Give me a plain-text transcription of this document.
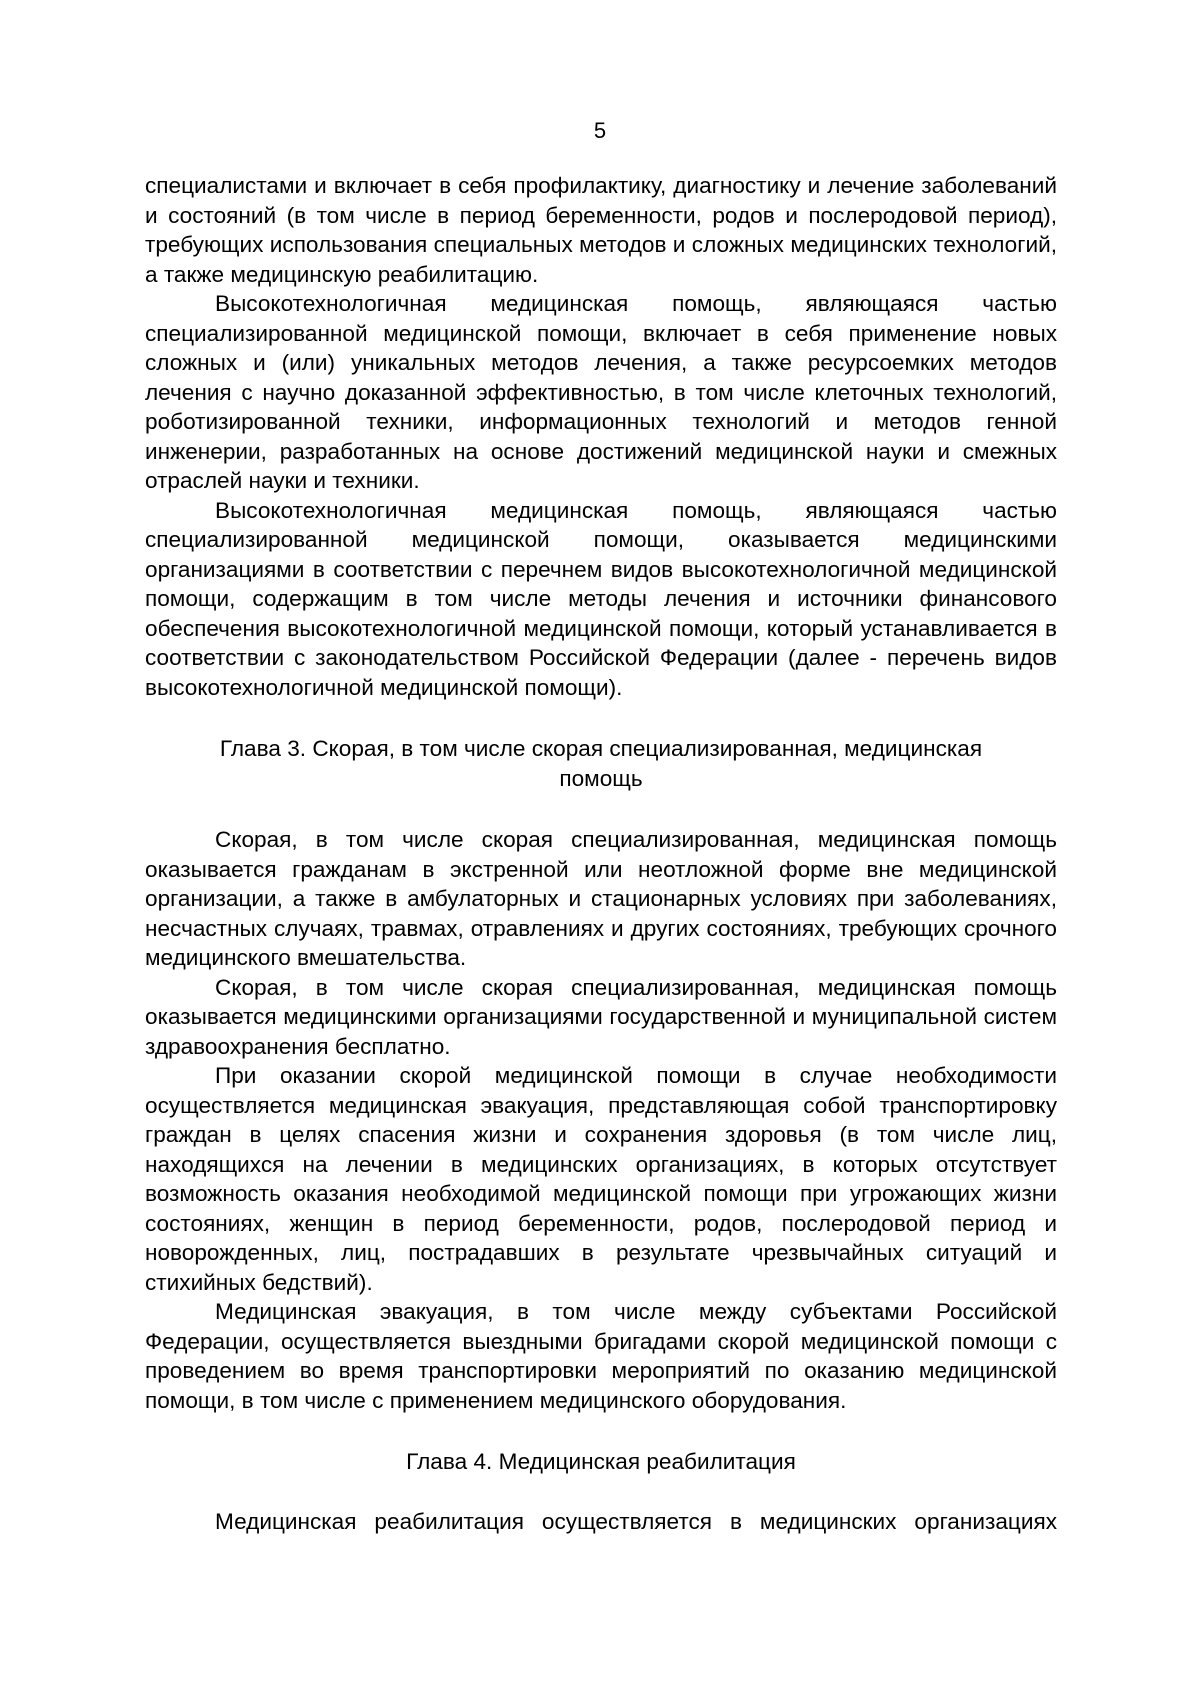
5

специалистами и включает в себя профилактику, диагностику и лечение заболеваний и состояний (в том числе в период беременности, родов и послеродовой период), требующих использования специальных методов и сложных медицинских технологий, а также медицинскую реабилитацию.

Высокотехнологичная медицинская помощь, являющаяся частью специализированной медицинской помощи, включает в себя применение новых сложных и (или) уникальных методов лечения, а также ресурсоемких методов лечения с научно доказанной эффективностью, в том числе клеточных технологий, роботизированной техники, информационных технологий и методов генной инженерии, разработанных на основе достижений медицинской науки и смежных отраслей науки и техники.

Высокотехнологичная медицинская помощь, являющаяся частью специализированной медицинской помощи, оказывается медицинскими организациями в соответствии с перечнем видов высокотехнологичной медицинской помощи, содержащим в том числе методы лечения и источники финансового обеспечения высокотехнологичной медицинской помощи, который устанавливается в соответствии с законодательством Российской Федерации (далее - перечень видов высокотехнологичной медицинской помощи).

Глава 3. Скорая, в том числе скорая специализированная, медицинская помощь

Скорая, в том числе скорая специализированная, медицинская помощь оказывается гражданам в экстренной или неотложной форме вне медицинской организации, а также в амбулаторных и стационарных условиях при заболеваниях, несчастных случаях, травмах, отравлениях и других состояниях, требующих срочного медицинского вмешательства.

Скорая, в том числе скорая специализированная, медицинская помощь оказывается медицинскими организациями государственной и муниципальной систем здравоохранения бесплатно.

При оказании скорой медицинской помощи в случае необходимости осуществляется медицинская эвакуация, представляющая собой транспортировку граждан в целях спасения жизни и сохранения здоровья (в том числе лиц, находящихся на лечении в медицинских организациях, в которых отсутствует возможность оказания необходимой медицинской помощи при угрожающих жизни состояниях, женщин в период беременности, родов, послеродовой период и новорожденных, лиц, пострадавших в результате чрезвычайных ситуаций и стихийных бедствий).

Медицинская эвакуация, в том числе между субъектами Российской Федерации, осуществляется выездными бригадами скорой медицинской помощи с проведением во время транспортировки мероприятий по оказанию медицинской помощи, в том числе с применением медицинского оборудования.

Глава 4. Медицинская реабилитация

Медицинская реабилитация осуществляется в медицинских организациях
